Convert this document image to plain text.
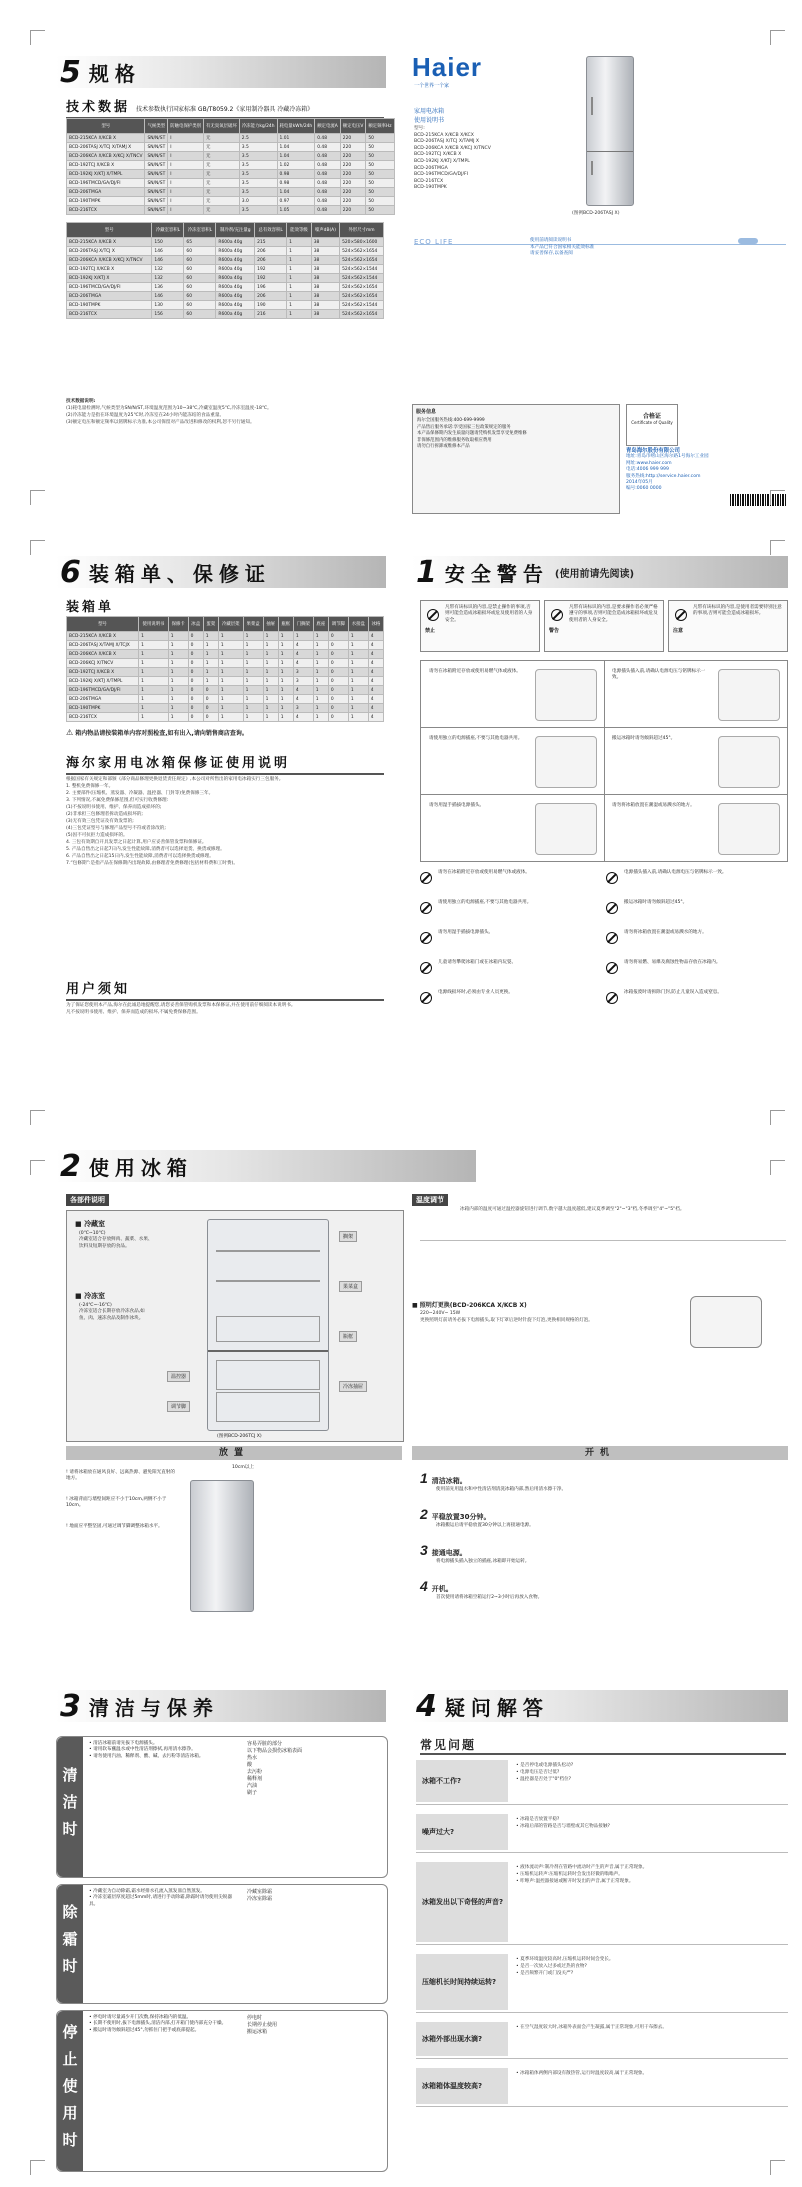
5 规格
技术数据 技术参数执行国家标准 GB/T8059.2《家用制冷器具 冷藏冷冻箱》
型号	气候类型	防触电保护类别	有无臭氧层破坏	冷冻能力kg/24h	耗电量kWh/24h	额定电流A	额定电压V	额定频率Hz
BCD-215KCA X/KCB X	SN/N/ST	I	无	2.5	1.01	0.48	220	50
BCD-206TASJ X/TCJ X/TAMJ X	SN/N/ST	I	无	3.5	1.04	0.48	220	50
BCD-206KCA X/KCB X/KCJ X/TNCV	SN/N/ST	I	无	3.5	1.04	0.48	220	50
BCD-192TCJ X/KCB X	SN/N/ST	I	无	3.5	1.02	0.48	220	50
BCD-192KJ X/KTJ X/TMPL	SN/N/ST	I	无	3.5	0.98	0.48	220	50
BCD-196TMCD/GA/DJ/FI	SN/N/ST	I	无	3.5	0.98	0.48	220	50
BCD-206TMGA	SN/N/ST	I	无	3.5	1.04	0.48	220	50
BCD-190TMPK	SN/N/ST	I	无	3.0	0.97	0.48	220	50
BCD-216TCX	SN/N/ST	I	无	3.5	1.05	0.48	220	50
型号	冷藏室容积L	冷冻室容积L	制冷剂/充注量g	总有效容积L	能效等级	噪声dB(A)	外形尺寸mm
BCD-215KCA X/KCB X	150	65	R600a 40g	215	1	38	520×580×1600
BCD-206TASJ X/TCJ X	146	60	R600a 40g	206	1	38	524×562×1654
BCD-206KCA X/KCB X/KCJ X/TNCV	146	60	R600a 40g	206	1	38	524×562×1654
BCD-192TCJ X/KCB X	132	60	R600a 40g	192	1	38	524×562×1544
BCD-192KJ X/KTJ X	132	60	R600a 40g	192	1	38	524×562×1544
BCD-196TMCD/GA/DJ/FI	136	60	R600a 40g	196	1	38	524×562×1654
BCD-206TMGA	146	60	R600a 40g	206	1	38	524×562×1654
BCD-190TMPK	130	60	R600a 40g	190	1	38	524×562×1544
BCD-216TCX	156	60	R600a 40g	216	1	38	524×562×1654
技术数据说明:
(1)耗电量检测时,气候类型为SN/N/ST,环境温度范围为10~38℃,冷藏室温度5℃,冷冻室温度-18℃。
(2)冷冻能力是指在环境温度为25℃时,冷冻室在24小时内能冻结的食品重量。
(3)额定电压和额定频率以铭牌标示为准,本公司保留对产品改进和修改的权利,恕不另行通知。
Haier
一个世界一个家
家用电冰箱
使用说明书
型号:
BCD-215KCA X/KCB X/KCX
BCD-206TASJ X/TCJ X/TAMJ X
BCD-206KCA X/KCB X/KCJ X/TNCV
BCD-192TCJ X/KCB X
BCD-192KJ X/KTJ X/TMPL
BCD-206TMGA
BCD-196TMCD/GA/DJ/FI
BCD-216TCX
BCD-190TMPK
(图例BCD-206TASJ X)
ECO LIFE	使用前请阅读说明书
本产品已符合国家相关能效标准
请妥善保存,以备查阅
服务信息
海尔全国服务热线:400-699-9999
产品售后服务承诺:享受国家三包政策规定的服务
本产品保修期内发生质量问题请凭购机发票享受免费维修
非保修范围内的维修服务收取相应费用
请勿自行拆卸或维修本产品
合格证
Certificate of Quality
青岛海尔股份有限公司
地址:青岛市崂山区海尔路1号海尔工业园
网址:www.haier.com
电话:4006 999 999
服务热线:http://service.haier.com
2014年05月
编号:0060 0000
6 装箱单、保修证
装箱单
型号	使用说明书	保修卡	冰盒	蛋架	冷藏层架	果菜盒	抽屉	瓶框	门搁架	底座	调节脚	水接盘	冰格
BCD-215KCA X/KCB X	1	1	0	1	1	1	1	1	1	1	0	1	4
BCD-206TASJ X/TAMJ X/TCJX	1	1	0	1	1	1	1	1	4	1	0	1	4
BCD-206KCA X/KCB X	1	1	0	1	1	1	1	1	4	1	0	1	4
BCD-206KCJ X/TNCV	1	1	0	1	1	1	1	1	4	1	0	1	4
BCD-192TCJ X/KCB X	1	1	0	1	1	1	1	1	3	1	0	1	4
BCD-192KJ X/KTJ X/TMPL	1	1	0	1	1	1	1	1	3	1	0	1	4
BCD-196TMCD/GA/DJ/FI	1	1	0	0	1	1	1	1	4	1	0	1	4
BCD-206TMGA	1	1	0	0	1	1	1	1	4	1	0	1	4
BCD-190TMPK	1	1	0	0	1	1	1	1	3	1	0	1	4
BCD-216TCX	1	1	0	0	1	1	1	1	4	1	0	1	4
⚠ 箱内物品请按装箱单内容对照检查,如有出入,请向销售商店查询。
海尔家用电冰箱保修证使用说明
根据国家有关规定和部颁《部分商品修理更换退货责任规定》,本公司对所售出的家用电冰箱实行三包服务。
1. 整机免费保修一年。
2. 主要部件(压缩机、蒸发器、冷凝器、温控器、门封等)免费保修三年。
3. 下列情况,不属免费保修范围,但可实行收费修理:
(1)不按说明书使用、维护、保养而造成损坏的;
(2)非承担三包修理者拆动造成损坏的;
(3)无有效三包凭证及有效发票的;
(4)三包凭证型号与修理产品型号不符或者涂改的;
(5)因不可抗拒力造成损坏的。
4. 三包有效期自开具发票之日起计算,用户应妥善保管发票和保修证。
5. 产品自售出之日起7日内,发生性能故障,消费者可以选择退货、换货或修理。
6. 产品自售出之日起15日内,发生性能故障,消费者可以选择换货或修理。
7.“包修期”:是指产品在保修期内出现故障,由修理者免费修理(包括材料费和工时费)。
用户须知
为了保证您使用本产品,海尔在此诚恳地提醒您,请您妥善保管购机发票和本保修证,并在使用前仔细阅读本说明书。
凡不按说明书使用、维护、保养而造成的损坏,不属免费保修范围。
1 安全警告 (使用前请先阅读)
禁止
凡带有该标识的内容,是禁止操作的事项,否则可能会造成冰箱损坏或危及使用者的人身安全。
警告
凡带有该标识的内容,是要求操作者必须严格遵守的事项,否则可能会造成冰箱损坏或危及使用者的人身安全。
注意
凡带有该标识的内容,是使用者需要特别注意的事项,否则可能会造成冰箱损坏。
请勿在冰箱附近存放或使用易燃气体或液体。	电源插头插入前,请确认电源电压与铭牌标示一致。
请使用独立的电源插座,不要与其他电器共用。	搬运冰箱时请勿倾斜超过45°。
请勿用湿手插拔电源插头。	请勿将冰箱放置在潮湿或易溅水的地方。
请勿在冰箱附近存放或使用易燃气体或液体。	电源插头插入前,请确认电源电压与铭牌标示一致。
请使用独立的电源插座,不要与其他电器共用。	搬运冰箱时请勿倾斜超过45°。
请勿用湿手插拔电源插头。	请勿将冰箱放置在潮湿或易溅水的地方。
儿童请勿攀爬冰箱门或在冰箱内玩耍。	请勿将易燃、易爆及腐蚀性物品存放在冰箱内。
电源线损坏时,必须由专业人员更换。	冰箱报废时请拆除门封,防止儿童误入造成窒息。
2 使用冰箱
各部件说明
■ 冷藏室
(0℃~10℃)
冷藏室适合存放鲜肉、蔬菜、水果、饮料及短期存放的食品。
■ 冷冻室
(-24℃~-16℃)
冷冻室适合长期存放冷冻食品,如鱼、肉、速冻食品及制作冰块。
搁架
果菜盒
瓶框
冷冻抽屉
温控器
调节脚
(图例BCD-206TCJ X)
温度调节
冰箱内部的温度可通过温控器旋钮进行调节,数字越大温度越低,建议夏季调至"2"~"3"档,冬季调至"4"~"5"档。
■ 照明灯更换(BCD-206KCA X/KCB X)
220~240V~ 15W
更换照明灯前请务必拔下电源插头,取下灯罩后逆时针旋下灯泡,更换相同规格的灯泡。
放置	开机
! 请将冰箱放在通风良好、远离热源、避免阳光直射的地方。
! 冰箱背面与墙壁间距应不小于10cm,两侧不小于10cm。
! 地面应平整坚固,可通过调节脚调整冰箱水平。
10cm以上
1 清洁冰箱。
使用前先用温水和中性清洁剂清洗冰箱内部,然后用清水擦干净。
2 平稳放置30分钟。
冰箱搬运后请平稳放置30分钟以上再接通电源。
3 接通电源。
将电源插头插入独立的插座,冰箱即开始运转。
4 开机。
首次使用请将冰箱空箱运行2~3小时后再放入食物。
3 清洁与保养
清洁时
• 清洁冰箱前请先拔下电源插头。
• 请用软布蘸温水或中性清洁剂擦拭,再用清水擦净。
• 请勿使用汽油、稀释剂、酸、碱、去污粉等清洁冰箱。
容易弄脏的部分
以下物品会损伤冰箱表面
热水
酸
去污粉
稀释剂
汽油
刷子
除霜时
• 冷藏室为自动除霜,霜水经排水孔流入蒸发皿自然蒸发。
• 冷冻室霜层厚度超过5mm时,请进行手动除霜,除霜时请勿使用尖锐器具。
冷藏室除霜
冷冻室除霜
停止使用时
• 停电时请尽量减少开门次数,保持冰箱内的低温。
• 长期不使用时,拔下电源插头,清洁内部,打开箱门使内部充分干燥。
• 搬运时请勿倾斜超过45°,勿抓住门把手或底部提起。
停电时
长期停止使用
搬运冰箱
4 疑问解答
常见问题
冰箱不工作?
• 是否停电或电源插头松动?
• 电源电压是否过低?
• 温控器是否处于"0"档位?
噪声过大?
• 冰箱是否放置平稳?
• 冰箱后部的管路是否与墙壁或其它物品接触?
冰箱发出以下奇怪的声音?
• 液体流动声:制冷剂在管路中流动时产生的声音,属于正常现象。
• 压缩机运转声:压缩机运转时会发出轻微的嗡嗡声。
• 咔嚓声:温控器接通或断开时发出的声音,属于正常现象。
压缩机长时间持续运转?
• 夏季环境温度较高时,压缩机运转时间会变长。
• 是否一次放入过多或过热的食物?
• 是否频繁开门或门没关严?
冰箱外部出现水滴?
• 在空气湿度较大时,冰箱外表面会产生凝露,属于正常现象,可用干布擦去。
冰箱箱体温度较高?
• 冰箱箱体两侧内部设有散热管,运行时温度较高,属于正常现象。
